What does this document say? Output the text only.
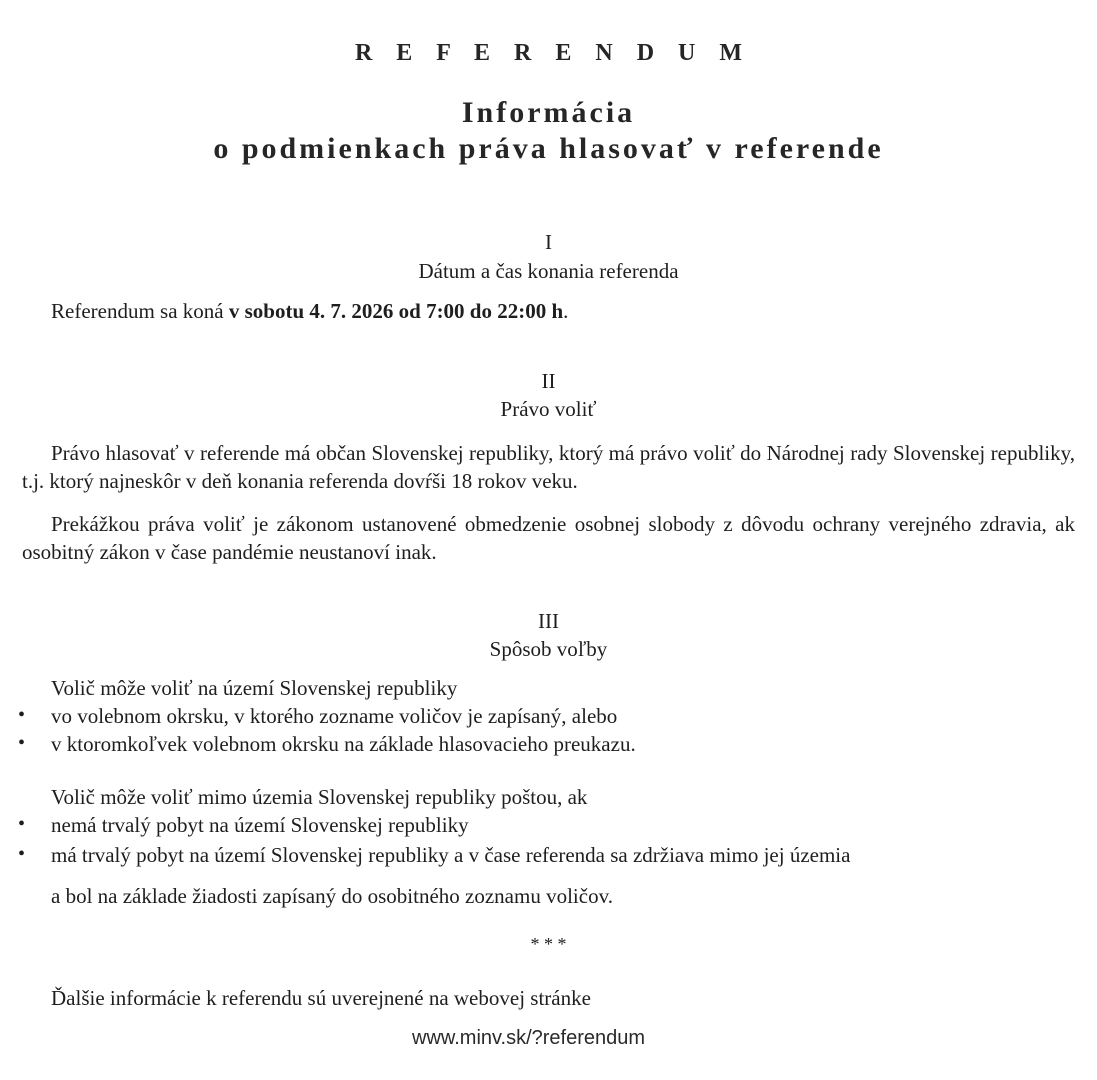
R E F E R E N D U M
Informácia
o podmienkach práva hlasovať v referende
I
Dátum a čas konania referenda
Referendum sa koná v sobotu 4. 7. 2026 od 7:00 do 22:00 h.
II
Právo voliť
Právo hlasovať v referende má občan Slovenskej republiky, ktorý má právo voliť do Národnej rady Slovenskej republiky, t.j. ktorý najneskôr v deň konania referenda dovŕši 18 rokov veku.
Prekážkou práva voliť je zákonom ustanovené obmedzenie osobnej slobody z dôvodu ochrany verejného zdravia, ak osobitný zákon v čase pandémie neustanoví inak.
III
Spôsob voľby
Volič môže voliť na území Slovenskej republiky
• vo volebnom okrsku, v ktorého zozname voličov je zapísaný, alebo
• v ktoromkoľvek volebnom okrsku na základe hlasovacieho preukazu.
Volič môže voliť mimo územia Slovenskej republiky poštou, ak
• nemá trvalý pobyt na území Slovenskej republiky
• má trvalý pobyt na území Slovenskej republiky a v čase referenda sa zdržiava mimo jej územia
a bol na základe žiadosti zapísaný do osobitného zoznamu voličov.
* * *
Ďalšie informácie k referendu sú uverejnené na webovej stránke
www.minv.sk/?referendum
